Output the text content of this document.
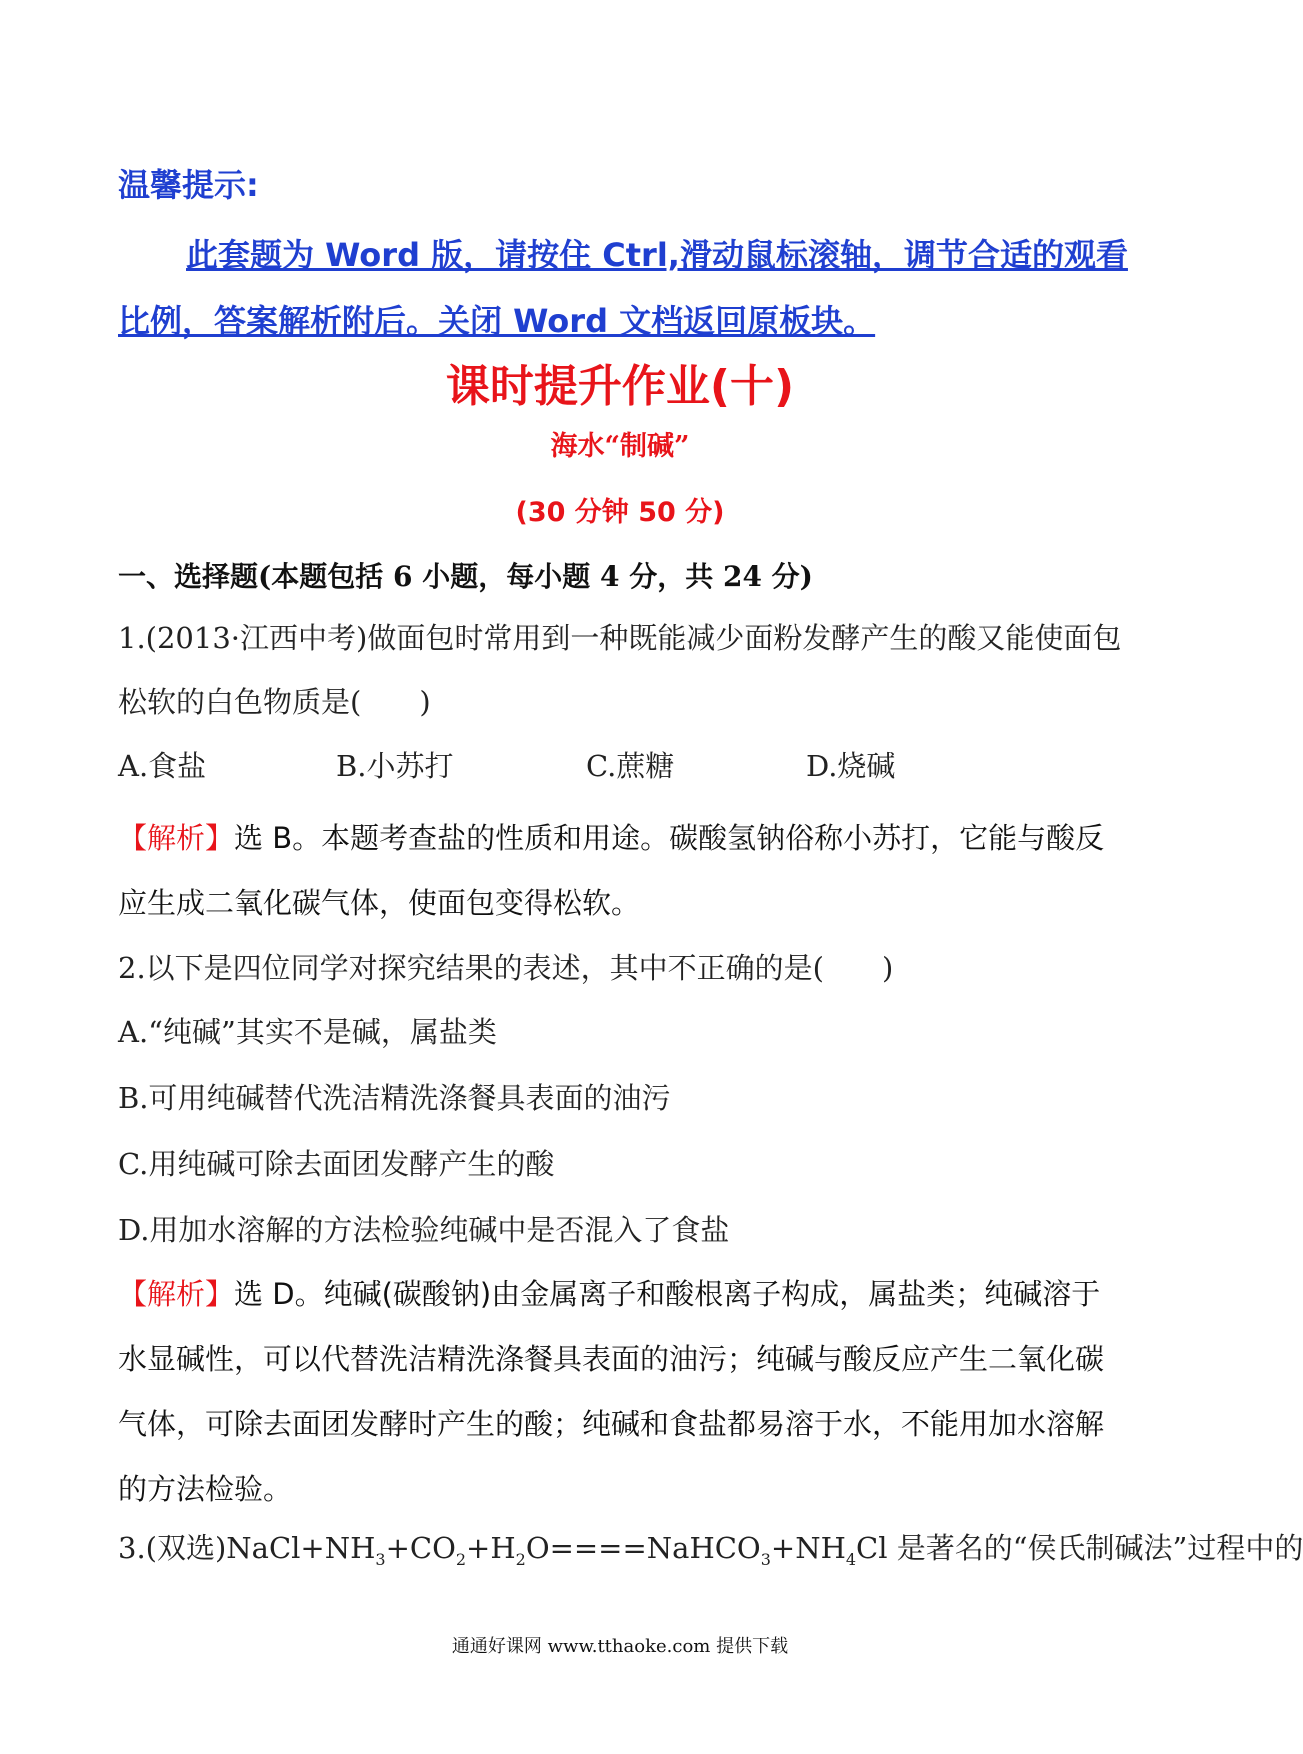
温馨提示:
此套题为 Word 版，请按住 Ctrl,滑动鼠标滚轴，调节合适的观看比例，答案解析附后。关闭 Word 文档返回原板块。
课时提升作业(十)
海水“制碱”
(30 分钟 50 分)
一、选择题(本题包括 6 小题，每小题 4 分，共 24 分)
1.(2013·江西中考)做面包时常用到一种既能减少面粉发酵产生的酸又能使面包松软的白色物质是(　　)
A.食盐	B.小苏打	C.蔗糖	D.烧碱
【解析】选 B。本题考查盐的性质和用途。碳酸氢钠俗称小苏打，它能与酸反应生成二氧化碳气体，使面包变得松软。
2.以下是四位同学对探究结果的表述，其中不正确的是(　　)
A.“纯碱”其实不是碱，属盐类
B.可用纯碱替代洗洁精洗涤餐具表面的油污
C.用纯碱可除去面团发酵产生的酸
D.用加水溶解的方法检验纯碱中是否混入了食盐
【解析】选 D。纯碱(碳酸钠)由金属离子和酸根离子构成，属盐类；纯碱溶于水显碱性，可以代替洗洁精洗涤餐具表面的油污；纯碱与酸反应产生二氧化碳气体，可除去面团发酵时产生的酸；纯碱和食盐都易溶于水，不能用加水溶解的方法检验。
3.(双选)$NaCl+NH_3+CO_2+H_2O====NaHCO_3+NH_4Cl$ 是著名的“侯氏制碱法”过程中的
通通好课网 www.tthaoke.com 提供下载
